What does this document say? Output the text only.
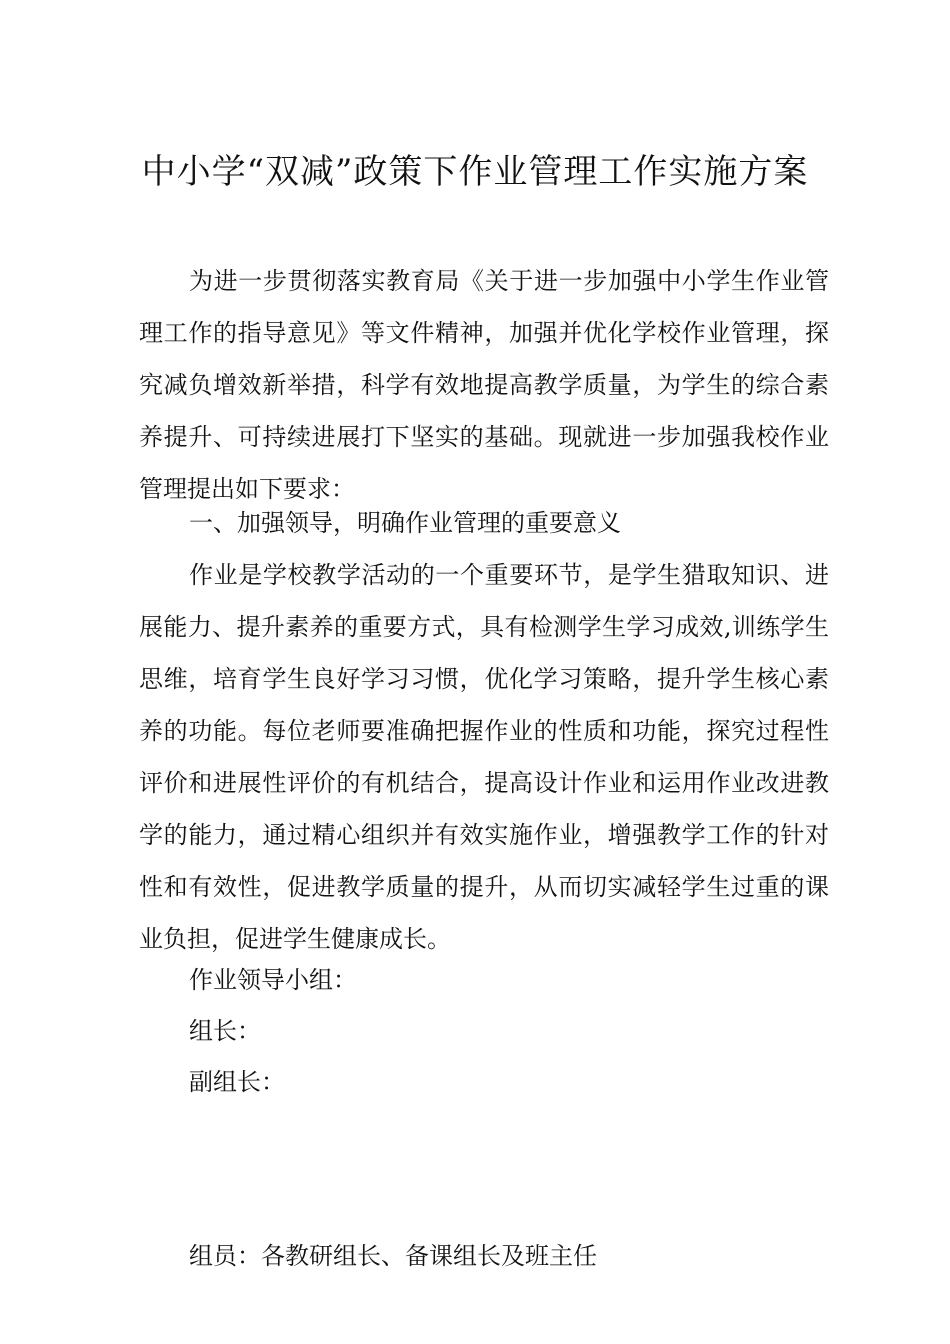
中小学“双减”政策下作业管理工作实施方案

为进一步贯彻落实教育局《关于进一步加强中小学生作业管理工作的指导意见》等文件精神，加强并优化学校作业管理，探究减负增效新举措，科学有效地提高教学质量，为学生的综合素养提升、可持续进展打下坚实的基础。现就进一步加强我校作业管理提出如下要求：

一、加强领导，明确作业管理的重要意义

作业是学校教学活动的一个重要环节，是学生猎取知识、进展能力、提升素养的重要方式，具有检测学生学习成效,训练学生思维，培育学生良好学习习惯，优化学习策略，提升学生核心素养的功能。每位老师要准确把握作业的性质和功能，探究过程性评价和进展性评价的有机结合，提高设计作业和运用作业改进教学的能力，通过精心组织并有效实施作业，增强教学工作的针对性和有效性，促进教学质量的提升，从而切实减轻学生过重的课业负担，促进学生健康成长。

作业领导小组：

组长：

副组长：

组员：各教研组长、备课组长及班主任
